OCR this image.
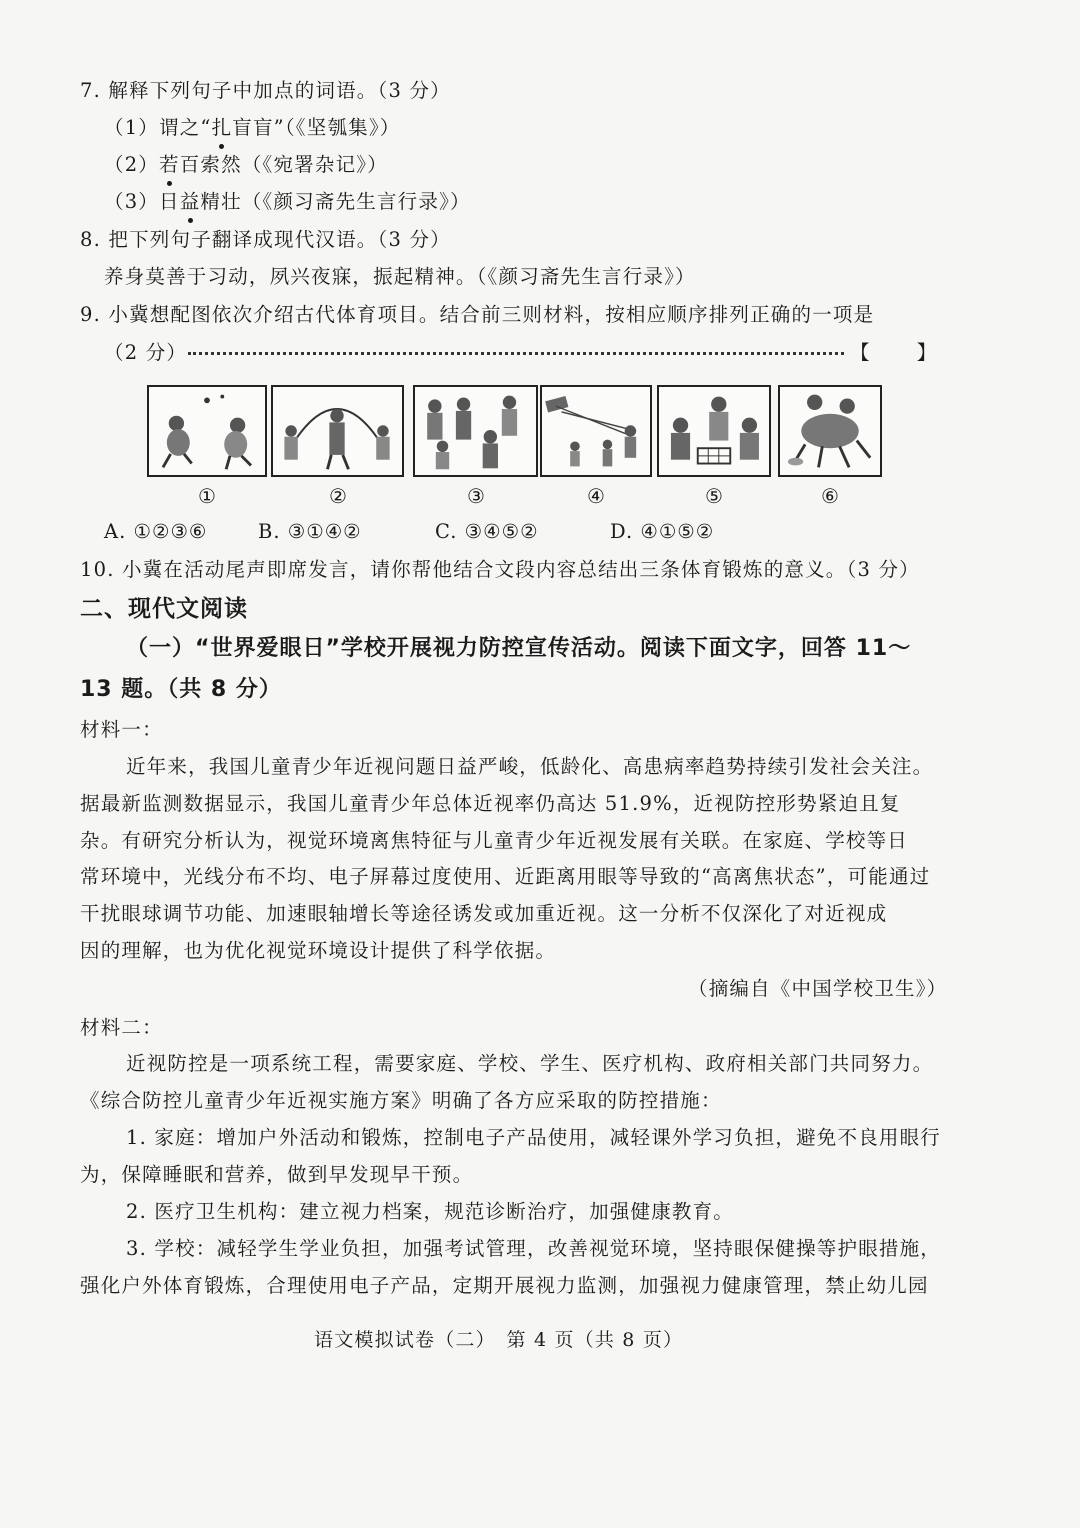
7. 解释下列句子中加点的词语。（3 分）
（1）谓之“扎盲盲”（《坚瓠集》）
（2）若百索然（《宛署杂记》）
（3）日益精壮（《颜习斋先生言行录》）
8. 把下列句子翻译成现代汉语。（3 分）
养身莫善于习动，夙兴夜寐，振起精神。（《颜习斋先生言行录》）
9. 小冀想配图依次介绍古代体育项目。结合前三则材料，按相应顺序排列正确的一项是
（2 分）	【 】
①	②	③	④	⑤	⑥
A. ①②③⑥	B. ③①④②	C. ③④⑤②	D. ④①⑤②
10. 小冀在活动尾声即席发言，请你帮他结合文段内容总结出三条体育锻炼的意义。（3 分）
二、现代文阅读
（一）“世界爱眼日”学校开展视力防控宣传活动。阅读下面文字，回答 11～
13 题。（共 8 分）
材料一：
近年来，我国儿童青少年近视问题日益严峻，低龄化、高患病率趋势持续引发社会关注。
据最新监测数据显示，我国儿童青少年总体近视率仍高达 51.9%，近视防控形势紧迫且复
杂。有研究分析认为，视觉环境离焦特征与儿童青少年近视发展有关联。在家庭、学校等日
常环境中，光线分布不均、电子屏幕过度使用、近距离用眼等导致的“高离焦状态”，可能通过
干扰眼球调节功能、加速眼轴增长等途径诱发或加重近视。这一分析不仅深化了对近视成
因的理解，也为优化视觉环境设计提供了科学依据。
（摘编自《中国学校卫生》）
材料二：
近视防控是一项系统工程，需要家庭、学校、学生、医疗机构、政府相关部门共同努力。
《综合防控儿童青少年近视实施方案》明确了各方应采取的防控措施：
1. 家庭：增加户外活动和锻炼，控制电子产品使用，减轻课外学习负担，避免不良用眼行
为，保障睡眠和营养，做到早发现早干预。
2. 医疗卫生机构：建立视力档案，规范诊断治疗，加强健康教育。
3. 学校：减轻学生学业负担，加强考试管理，改善视觉环境，坚持眼保健操等护眼措施，
强化户外体育锻炼，合理使用电子产品，定期开展视力监测，加强视力健康管理，禁止幼儿园
语文模拟试卷（二）　第 4 页（共 8 页）
